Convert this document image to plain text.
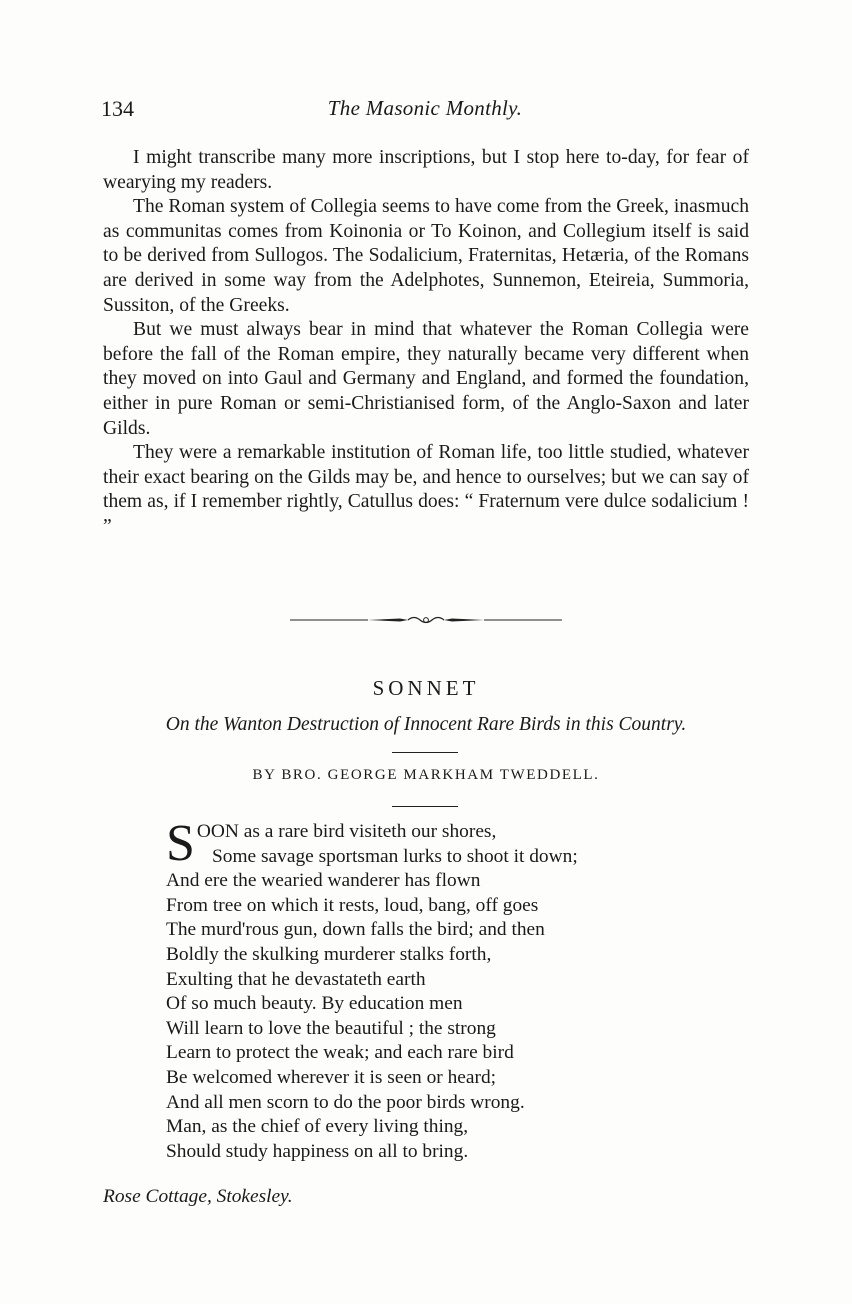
134	The Masonic Monthly.

I might transcribe many more inscriptions, but I stop here to-day, for fear of wearying my readers.

The Roman system of Collegia seems to have come from the Greek, inasmuch as communitas comes from Koinonia or To Koinon, and Collegium itself is said to be derived from Sullogos. The Sodalicium, Fraternitas, Hetæria, of the Romans are derived in some way from the Adelphotes, Sunnemon, Eteireia, Summoria, Sussiton, of the Greeks.

But we must always bear in mind that whatever the Roman Collegia were before the fall of the Roman empire, they naturally became very different when they moved on into Gaul and Germany and England, and formed the foundation, either in pure Roman or semi-Christianised form, of the Anglo-Saxon and later Gilds.

They were a remarkable institution of Roman life, too little studied, whatever their exact bearing on the Gilds may be, and hence to ourselves; but we can say of them as, if I remember rightly, Catullus does: “ Fraternum vere dulce sodalicium ! ”

SONNET
On the Wanton Destruction of Innocent Rare Birds in this Country.
BY BRO. GEORGE MARKHAM TWEDDELL.
SOON as a rare bird visiteth our shores,
Some savage sportsman lurks to shoot it down;
And ere the wearied wanderer has flown
From tree on which it rests, loud, bang, off goes
The murd'rous gun, down falls the bird; and then
Boldly the skulking murderer stalks forth,
Exulting that he devastateth earth
Of so much beauty. By education men
Will learn to love the beautiful ; the strong
Learn to protect the weak; and each rare bird
Be welcomed wherever it is seen or heard;
And all men scorn to do the poor birds wrong.
Man, as the chief of every living thing,
Should study happiness on all to bring.
Rose Cottage, Stokesley.
